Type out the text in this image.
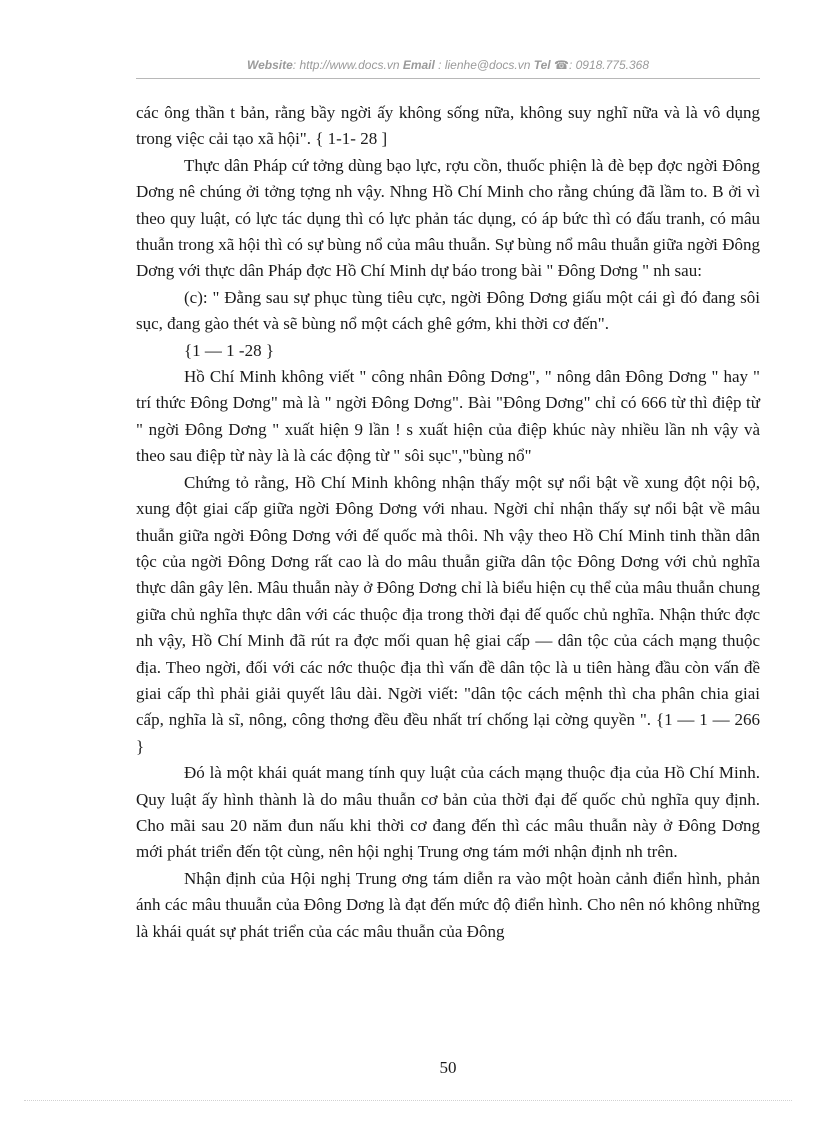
Website: http://www.docs.vn Email : lienhe@docs.vn Tel ☎: 0918.775.368

các ông thần t bản, rằng bầy ngời ấy không sống nữa, không suy nghĩ nữa và là vô dụng trong việc cải tạo xã hội". { 1-1- 28 ]

Thực dân Pháp cứ tởng dùng bạo lực, rợu cồn, thuốc phiện là đè bẹp đợc ngời Đông Dơng nê chúng ởi tởng tợng nh vậy. Nhng Hồ Chí Minh cho rằng chúng đã lầm to. B ởi vì theo quy luật, có lực tác dụng thì có lực phản tác dụng, có áp bức thì có đấu tranh, có mâu thuẫn trong xã hội thì có sự bùng nổ của mâu thuẫn. Sự bùng nổ mâu thuẫn giữa ngời Đông Dơng với thực dân Pháp đợc Hồ Chí Minh dự báo trong bài " Đông Dơng " nh sau:

(c): " Đằng sau sự phục tùng tiêu cực, ngời Đông Dơng giấu một cái gì đó đang sôi sục, đang gào thét và sẽ bùng nổ một cách ghê gớm, khi thời cơ đến".

{1 — 1 -28 }

Hồ Chí Minh không viết " công nhân Đông Dơng", " nông dân Đông Dơng " hay " trí thức Đông Dơng" mà là " ngời Đông Dơng". Bài "Đông Dơng" chỉ có 666 từ thì điệp từ " ngời Đông Dơng " xuất hiện 9 lần ! s xuất hiện của điệp khúc này nhiều lần nh vậy và theo sau điệp từ này là là các động từ " sôi sục","bùng nổ"

Chứng tỏ rằng, Hồ Chí Minh không nhận thấy một sự nổi bật về xung đột nội bộ, xung đột giai cấp giữa ngời Đông Dơng với nhau. Ngời chỉ nhận thấy sự nổi bật về mâu thuẫn giữa ngời Đông Dơng với đế quốc mà thôi. Nh vậy theo Hồ Chí Minh tinh thần dân tộc của ngời Đông Dơng rất cao là do mâu thuẫn giữa dân tộc Đông Dơng với chủ nghĩa thực dân gây lên. Mâu thuẫn này ở Đông Dơng chỉ là biểu hiện cụ thể của mâu thuẫn chung giữa chủ nghĩa thực dân với các thuộc địa trong thời đại đế quốc chủ nghĩa. Nhận thức đợc nh vậy, Hồ Chí Minh đã rút ra đợc mối quan hệ giai cấp — dân tộc của cách mạng thuộc địa. Theo ngời, đối với các nớc thuộc địa thì vấn đề dân tộc là u tiên hàng đầu còn vấn đề giai cấp thì phải giải quyết lâu dài. Ngời viết: "dân tộc cách mệnh thì cha phân chia giai cấp, nghĩa là sĩ, nông, công thơng đều đều nhất trí chống lại cờng quyền ". {1 — 1 — 266 }

Đó là một khái quát mang tính quy luật của cách mạng thuộc địa của Hồ Chí Minh. Quy luật ấy hình thành là do mâu thuẫn cơ bản của thời đại đế quốc chủ nghĩa quy định. Cho mãi sau 20 năm đun nấu khi thời cơ đang đến thì các mâu thuẫn này ở Đông Dơng mới phát triển đến tột cùng, nên hội nghị Trung ơng tám mới nhận định nh trên.

Nhận định của Hội nghị Trung ơng tám diễn ra vào một hoàn cảnh điển hình, phản ánh các mâu thuuẫn của Đông Dơng là đạt đến mức độ điển hình. Cho nên nó không những là khái quát sự phát triển của các mâu thuẫn của Đông

50
